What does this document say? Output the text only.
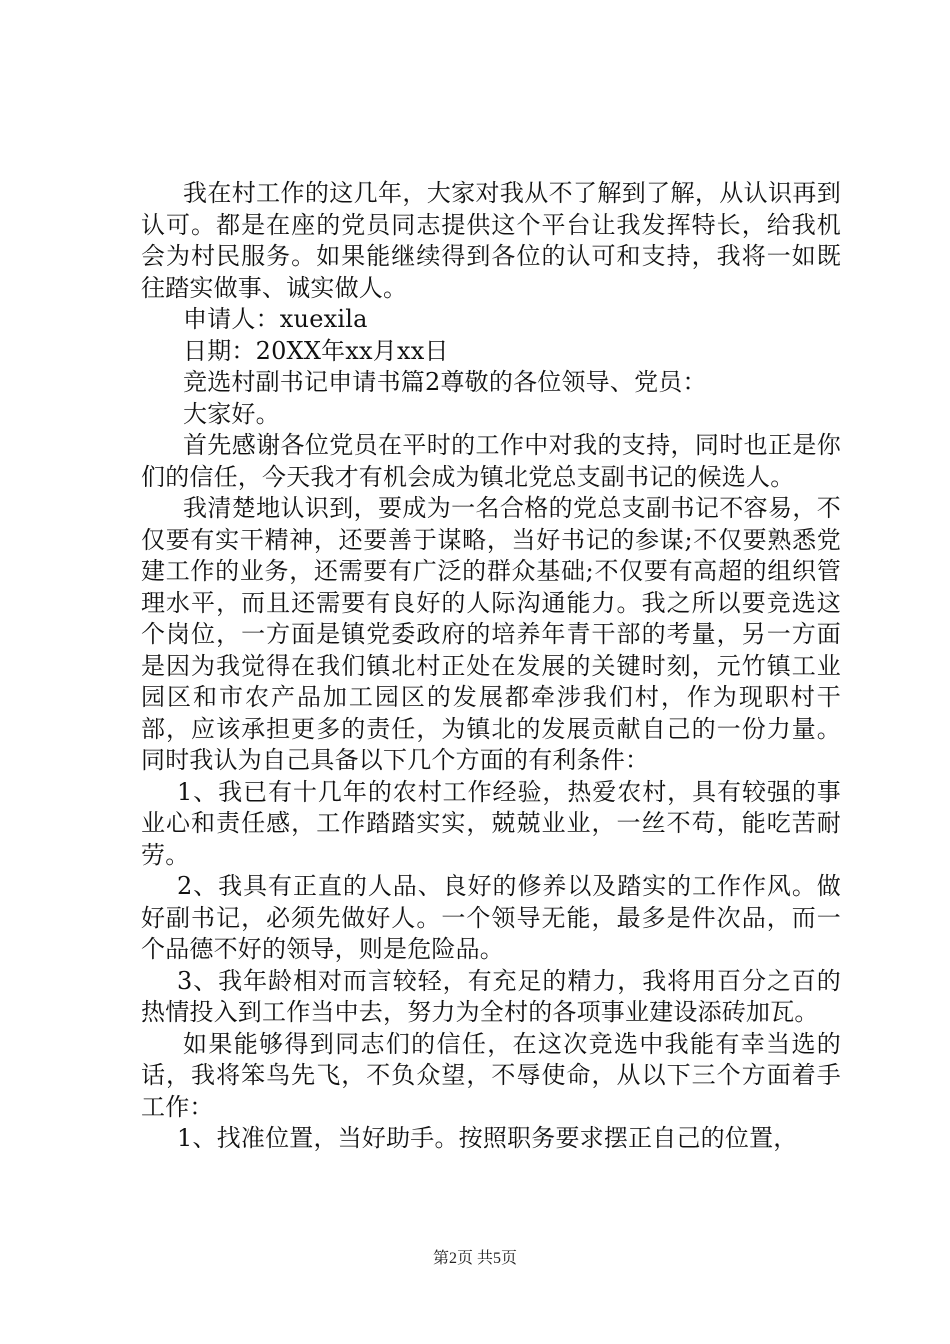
我在村工作的这几年，大家对我从不了解到了解，从认识再到认可。都是在座的党员同志提供这个平台让我发挥特长，给我机会为村民服务。如果能继续得到各位的认可和支持，我将一如既往踏实做事、诚实做人。

申请人：xuexila

日期：20XX年xx月xx日

竞选村副书记申请书篇2尊敬的各位领导、党员：

大家好。

首先感谢各位党员在平时的工作中对我的支持，同时也正是你们的信任，今天我才有机会成为镇北党总支副书记的候选人。

我清楚地认识到，要成为一名合格的党总支副书记不容易，不仅要有实干精神，还要善于谋略，当好书记的参谋;不仅要熟悉党建工作的业务，还需要有广泛的群众基础;不仅要有高超的组织管理水平，而且还需要有良好的人际沟通能力。我之所以要竞选这个岗位，一方面是镇党委政府的培养年青干部的考量，另一方面是因为我觉得在我们镇北村正处在发展的关键时刻，元竹镇工业园区和市农产品加工园区的发展都牵涉我们村，作为现职村干部，应该承担更多的责任，为镇北的发展贡献自己的一份力量。同时我认为自己具备以下几个方面的有利条件：

1、我已有十几年的农村工作经验，热爱农村，具有较强的事业心和责任感，工作踏踏实实，兢兢业业，一丝不苟，能吃苦耐劳。

2、我具有正直的人品、良好的修养以及踏实的工作作风。做好副书记，必须先做好人。一个领导无能，最多是件次品，而一个品德不好的领导，则是危险品。

3、我年龄相对而言较轻，有充足的精力，我将用百分之百的热情投入到工作当中去，努力为全村的各项事业建设添砖加瓦。

如果能够得到同志们的信任，在这次竞选中我能有幸当选的话，我将笨鸟先飞，不负众望，不辱使命，从以下三个方面着手工作：

1、找准位置，当好助手。按照职务要求摆正自己的位置，

第2页 共5页
